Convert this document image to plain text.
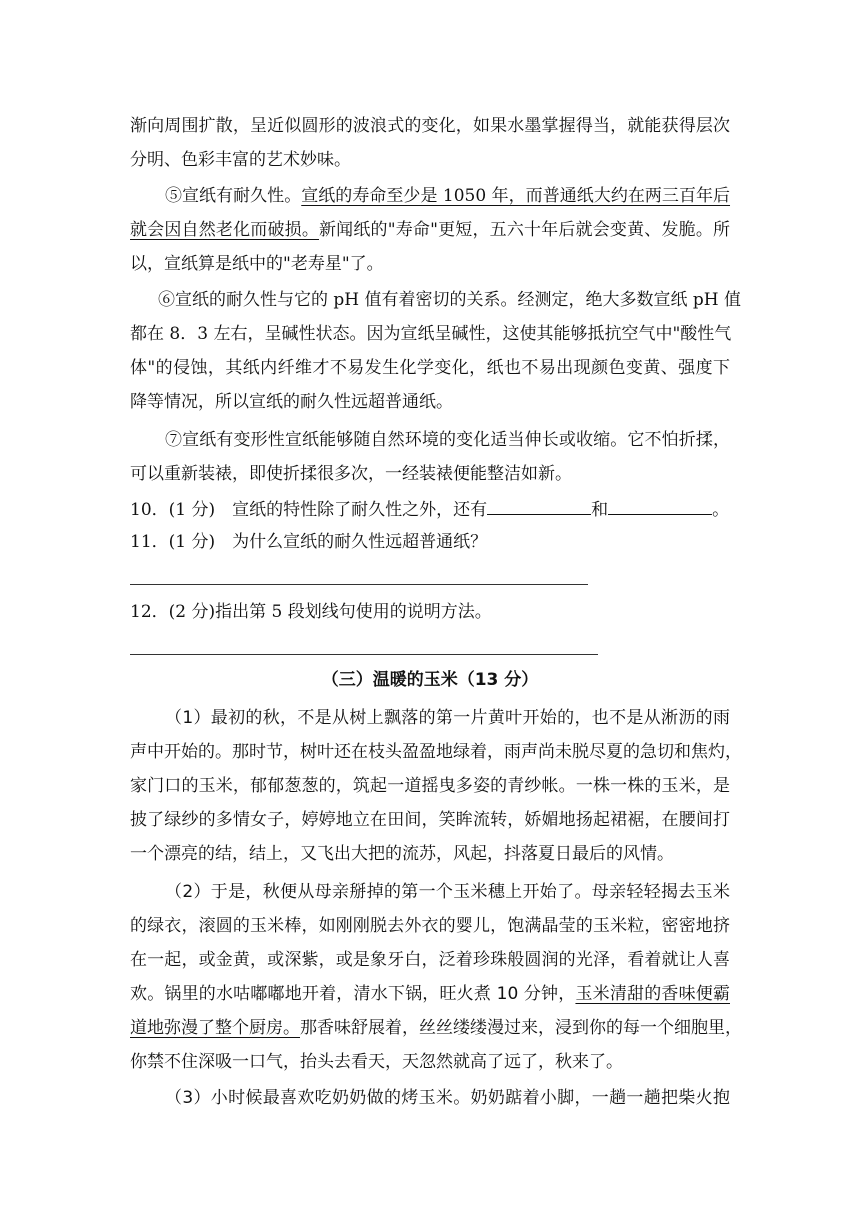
渐向周围扩散，呈近似圆形的波浪式的变化，如果水墨掌握得当，就能获得层次
分明、色彩丰富的艺术妙味。
⑤宣纸有耐久性。宣纸的寿命至少是 1050 年，而普通纸大约在两三百年后
就会因自然老化而破损。新闻纸的"寿命"更短，五六十年后就会变黄、发脆。所
以，宣纸算是纸中的"老寿星"了。
⑥宣纸的耐久性与它的 pH 值有着密切的关系。经测定，绝大多数宣纸 pH 值
都在 8．3 左右，呈碱性状态。因为宣纸呈碱性，这使其能够抵抗空气中"酸性气
体"的侵蚀，其纸内纤维才不易发生化学变化，纸也不易出现颜色变黄、强度下
降等情况，所以宣纸的耐久性远超普通纸。
⑦宣纸有变形性宣纸能够随自然环境的变化适当伸长或收缩。它不怕折揉，
可以重新装裱，即使折揉很多次，一经装裱便能整洁如新。
10．(1 分)　宣纸的特性除了耐久性之外，还有	和	。
11．(1 分)　为什么宣纸的耐久性远超普通纸？
12．(2 分)指出第 5 段划线句使用的说明方法。
（三）温暖的玉米（13 分）
（1）最初的秋，不是从树上飘落的第一片黄叶开始的，也不是从淅沥的雨
声中开始的。那时节，树叶还在枝头盈盈地绿着，雨声尚未脱尽夏的急切和焦灼，
家门口的玉米，郁郁葱葱的，筑起一道摇曳多姿的青纱帐。一株一株的玉米，是
披了绿纱的多情女子，婷婷地立在田间，笑眸流转，娇媚地扬起裙裾，在腰间打
一个漂亮的结，结上，又飞出大把的流苏，风起，抖落夏日最后的风情。
（2）于是，秋便从母亲掰掉的第一个玉米穗上开始了。母亲轻轻揭去玉米
的绿衣，滚圆的玉米棒，如刚刚脱去外衣的婴儿，饱满晶莹的玉米粒，密密地挤
在一起，或金黄，或深紫，或是象牙白，泛着珍珠般圆润的光泽，看着就让人喜
欢。锅里的水咕嘟嘟地开着，清水下锅，旺火煮 10 分钟，玉米清甜的香味便霸
道地弥漫了整个厨房。那香味舒展着，丝丝缕缕漫过来，浸到你的每一个细胞里，
你禁不住深吸一口气，抬头去看天，天忽然就高了远了，秋来了。
（3）小时候最喜欢吃奶奶做的烤玉米。奶奶踮着小脚，一趟一趟把柴火抱
